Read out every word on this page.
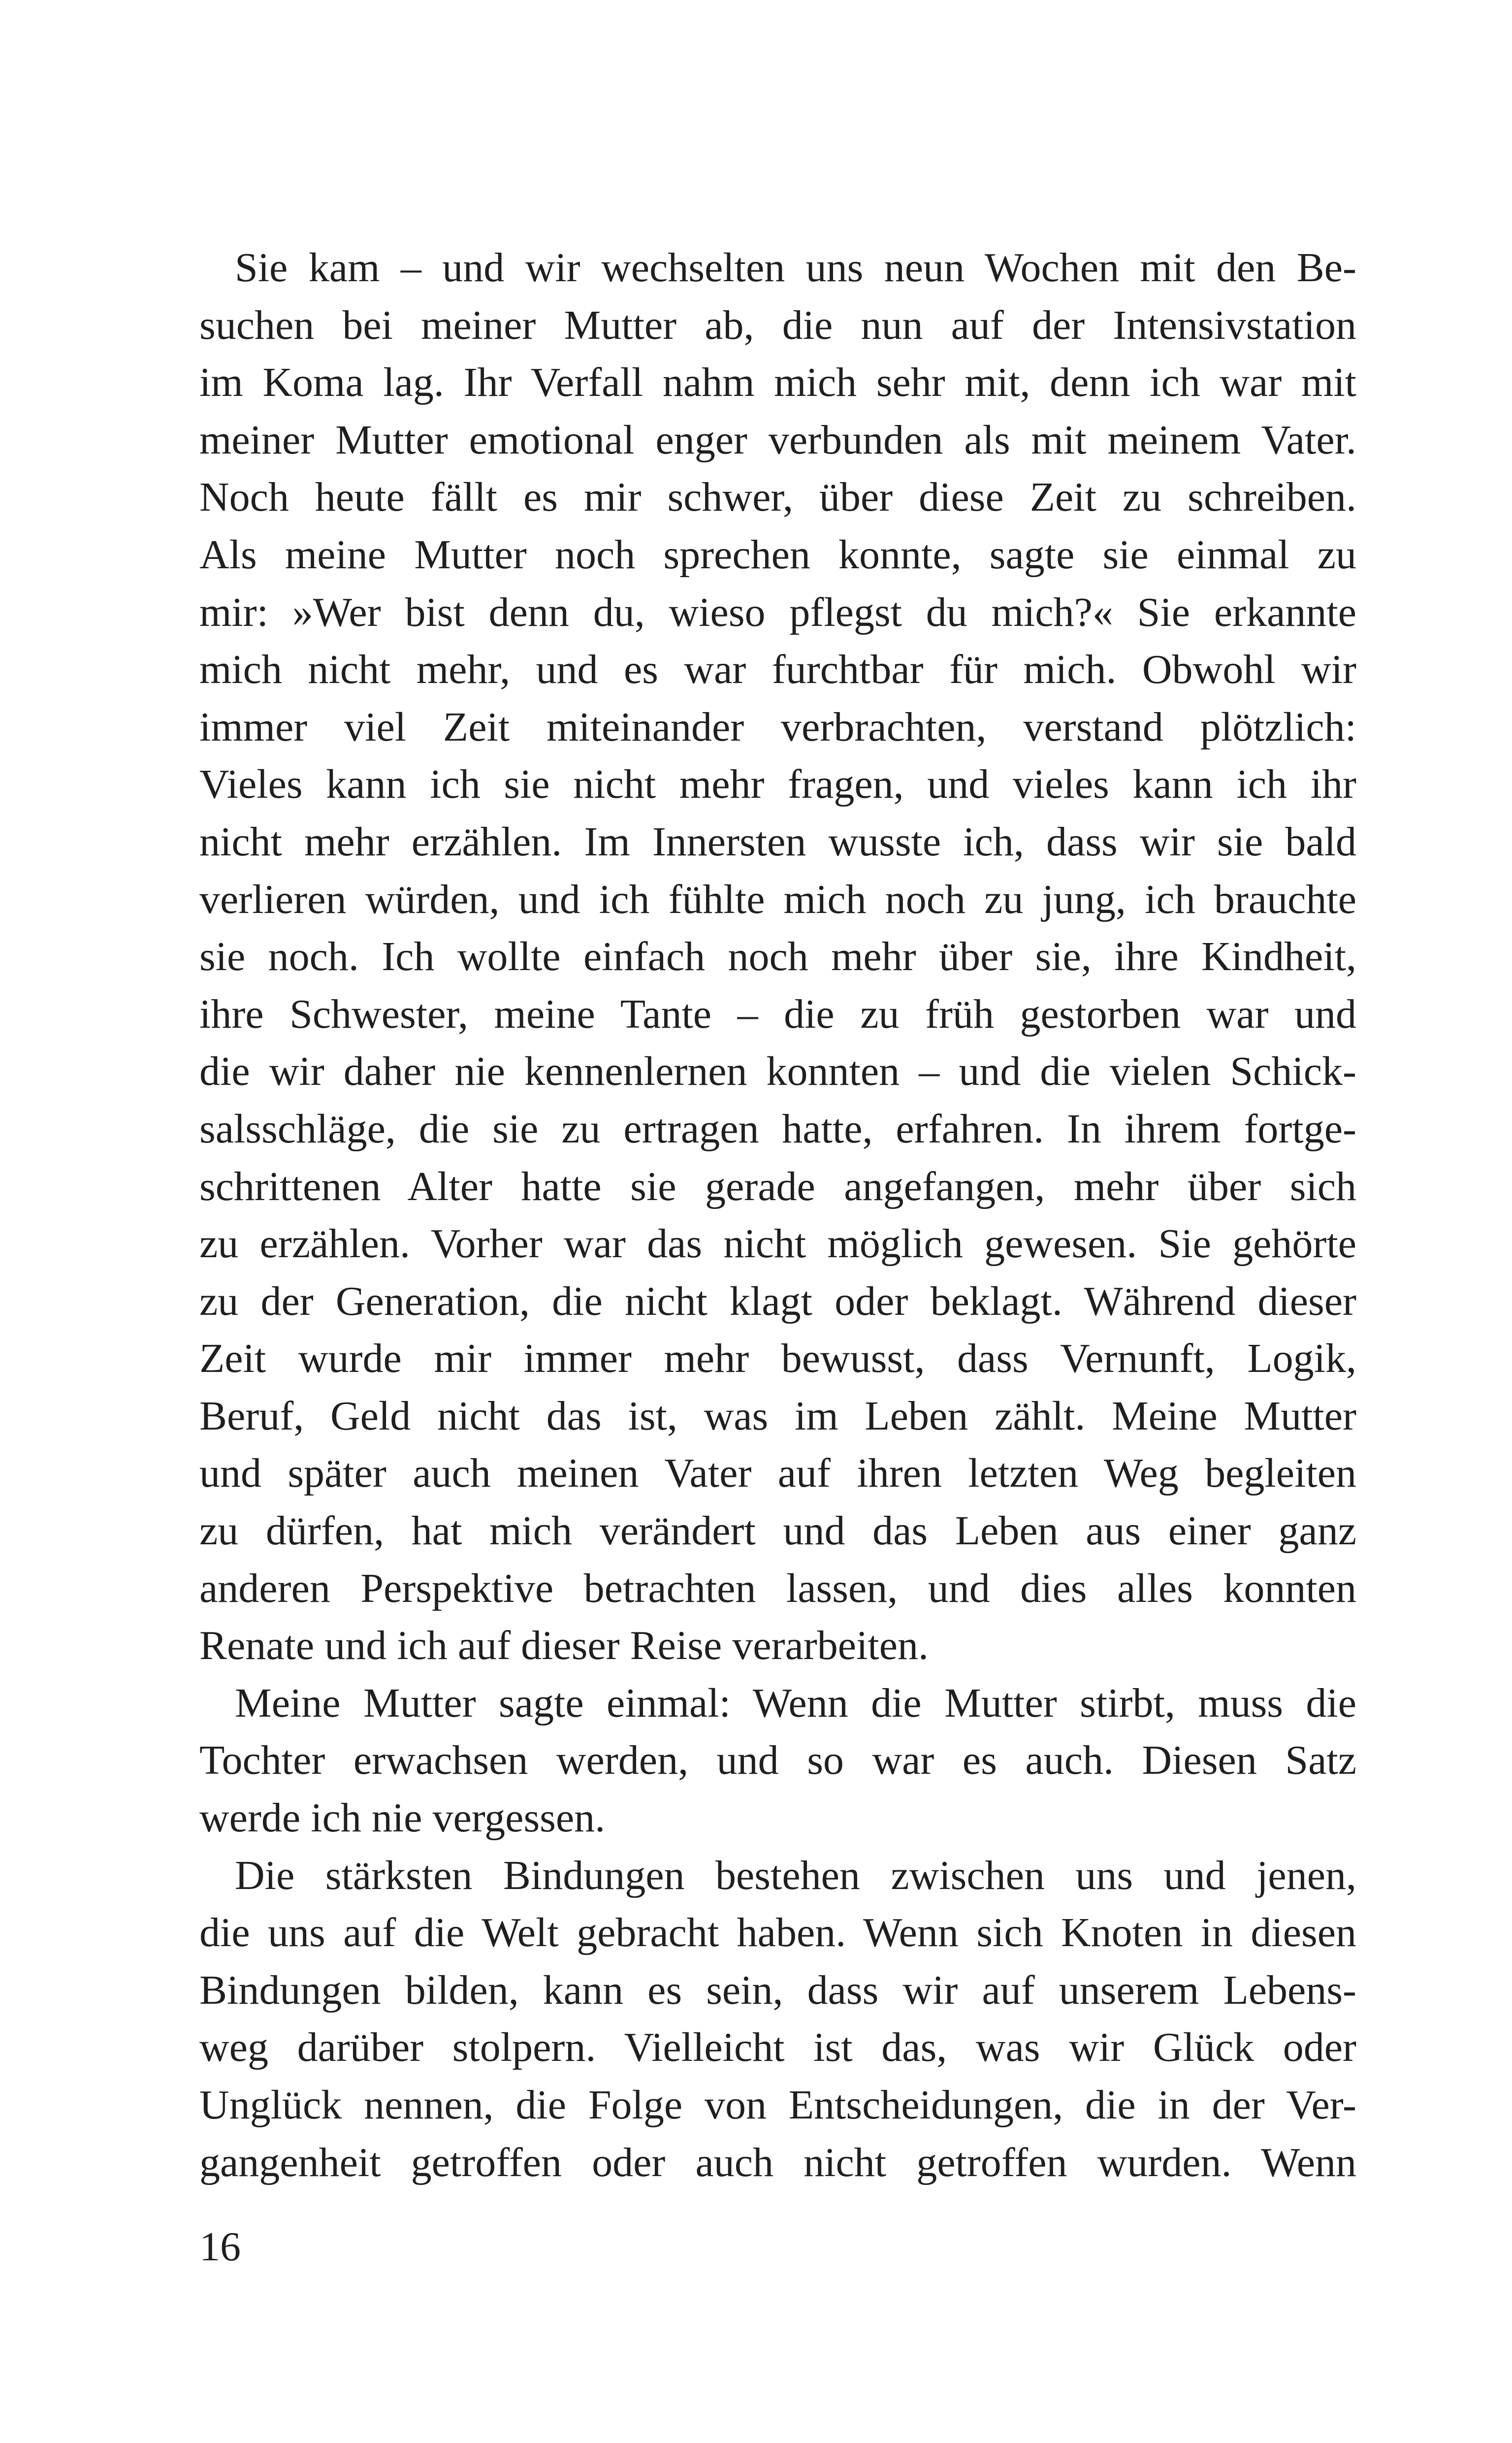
Sie kam – und wir wechselten uns neun Wochen mit den Be-
suchen bei meiner Mutter ab, die nun auf der Intensivstation
im Koma lag. Ihr Verfall nahm mich sehr mit, denn ich war mit
meiner Mutter emotional enger verbunden als mit meinem Vater.
Noch heute fällt es mir schwer, über diese Zeit zu schreiben.
Als meine Mutter noch sprechen konnte, sagte sie einmal zu
mir: »Wer bist denn du, wieso pflegst du mich?« Sie erkannte
mich nicht mehr, und es war furchtbar für mich. Obwohl wir
immer viel Zeit miteinander verbrachten, verstand plötzlich:
Vieles kann ich sie nicht mehr fragen, und vieles kann ich ihr
nicht mehr erzählen. Im Innersten wusste ich, dass wir sie bald
verlieren würden, und ich fühlte mich noch zu jung, ich brauchte
sie noch. Ich wollte einfach noch mehr über sie, ihre Kindheit,
ihre Schwester, meine Tante – die zu früh gestorben war und
die wir daher nie kennenlernen konnten – und die vielen Schick-
salsschläge, die sie zu ertragen hatte, erfahren. In ihrem fortge-
schrittenen Alter hatte sie gerade angefangen, mehr über sich
zu erzählen. Vorher war das nicht möglich gewesen. Sie gehörte
zu der Generation, die nicht klagt oder beklagt. Während dieser
Zeit wurde mir immer mehr bewusst, dass Vernunft, Logik,
Beruf, Geld nicht das ist, was im Leben zählt. Meine Mutter
und später auch meinen Vater auf ihren letzten Weg begleiten
zu dürfen, hat mich verändert und das Leben aus einer ganz
anderen Perspektive betrachten lassen, und dies alles konnten
Renate und ich auf dieser Reise verarbeiten.
Meine Mutter sagte einmal: Wenn die Mutter stirbt, muss die
Tochter erwachsen werden, und so war es auch. Diesen Satz
werde ich nie vergessen.
Die stärksten Bindungen bestehen zwischen uns und jenen,
die uns auf die Welt gebracht haben. Wenn sich Knoten in diesen
Bindungen bilden, kann es sein, dass wir auf unserem Lebens-
weg darüber stolpern. Vielleicht ist das, was wir Glück oder
Unglück nennen, die Folge von Entscheidungen, die in der Ver-
gangenheit getroffen oder auch nicht getroffen wurden. Wenn
16
